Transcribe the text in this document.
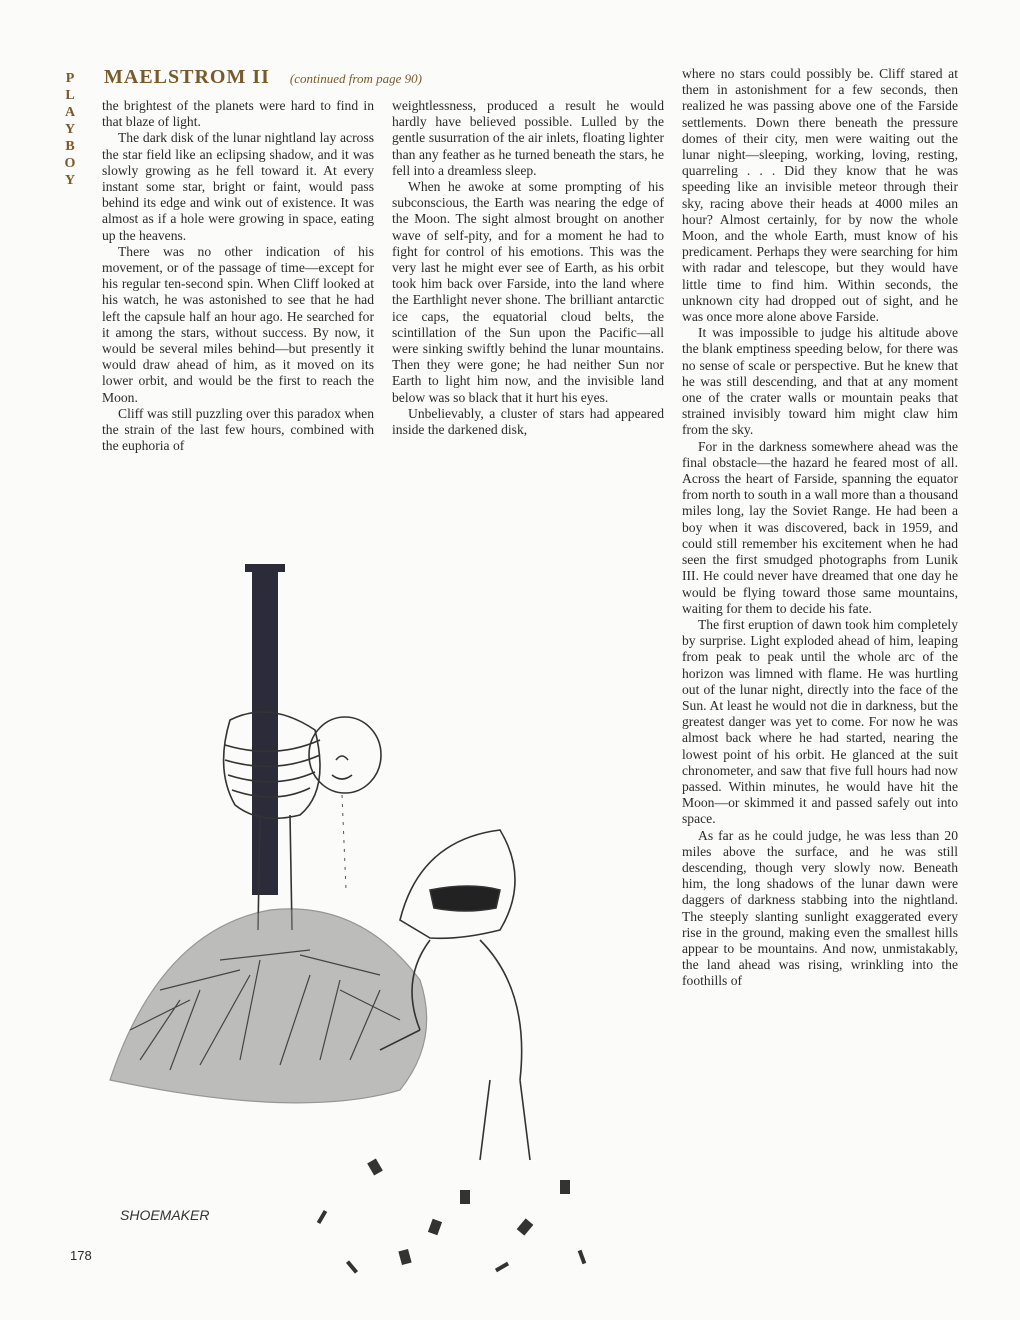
P
L
A
Y
B
O
Y
MAELSTROM II (continued from page 90)

the brightest of the planets were hard to find in that blaze of light.

The dark disk of the lunar nightland lay across the star field like an eclipsing shadow, and it was slowly growing as he fell toward it. At every instant some star, bright or faint, would pass behind its edge and wink out of existence. It was almost as if a hole were growing in space, eating up the heavens.

There was no other indication of his movement, or of the passage of time—except for his regular ten-second spin. When Cliff looked at his watch, he was astonished to see that he had left the capsule half an hour ago. He searched for it among the stars, without success. By now, it would be several miles behind—but presently it would draw ahead of him, as it moved on its lower orbit, and would be the first to reach the Moon.

Cliff was still puzzling over this paradox when the strain of the last few hours, combined with the euphoria of

weightlessness, produced a result he would hardly have believed possible. Lulled by the gentle susurration of the air inlets, floating lighter than any feather as he turned beneath the stars, he fell into a dreamless sleep.

When he awoke at some prompting of his subconscious, the Earth was nearing the edge of the Moon. The sight almost brought on another wave of self-pity, and for a moment he had to fight for control of his emotions. This was the very last he might ever see of Earth, as his orbit took him back over Farside, into the land where the Earthlight never shone. The brilliant antarctic ice caps, the equatorial cloud belts, the scintillation of the Sun upon the Pacific—all were sinking swiftly behind the lunar mountains. Then they were gone; he had neither Sun nor Earth to light him now, and the invisible land below was so black that it hurt his eyes.

Unbelievably, a cluster of stars had appeared inside the darkened disk,

where no stars could possibly be. Cliff stared at them in astonishment for a few seconds, then realized he was passing above one of the Farside settlements. Down there beneath the pressure domes of their city, men were waiting out the lunar night—sleeping, working, loving, resting, quarreling . . . Did they know that he was speeding like an invisible meteor through their sky, racing above their heads at 4000 miles an hour? Almost certainly, for by now the whole Moon, and the whole Earth, must know of his predicament. Perhaps they were searching for him with radar and telescope, but they would have little time to find him. Within seconds, the unknown city had dropped out of sight, and he was once more alone above Farside.

It was impossible to judge his altitude above the blank emptiness speeding below, for there was no sense of scale or perspective. But he knew that he was still descending, and that at any moment one of the crater walls or mountain peaks that strained invisibly toward him might claw him from the sky.

For in the darkness somewhere ahead was the final obstacle—the hazard he feared most of all. Across the heart of Farside, spanning the equator from north to south in a wall more than a thousand miles long, lay the Soviet Range. He had been a boy when it was discovered, back in 1959, and could still remember his excitement when he had seen the first smudged photographs from Lunik III. He could never have dreamed that one day he would be flying toward those same mountains, waiting for them to decide his fate.

The first eruption of dawn took him completely by surprise. Light exploded ahead of him, leaping from peak to peak until the whole arc of the horizon was limned with flame. He was hurtling out of the lunar night, directly into the face of the Sun. At least he would not die in darkness, but the greatest danger was yet to come. For now he was almost back where he had started, nearing the lowest point of his orbit. He glanced at the suit chronometer, and saw that five full hours had now passed. Within minutes, he would have hit the Moon—or skimmed it and passed safely out into space.

As far as he could judge, he was less than 20 miles above the surface, and he was still descending, though very slowly now. Beneath him, the long shadows of the lunar dawn were daggers of darkness stabbing into the nightland. The steeply slanting sunlight exaggerated every rise in the ground, making even the smallest hills appear to be mountains. And now, unmistakably, the land ahead was rising, wrinkling into the foothills of

SHOEMAKER
178
